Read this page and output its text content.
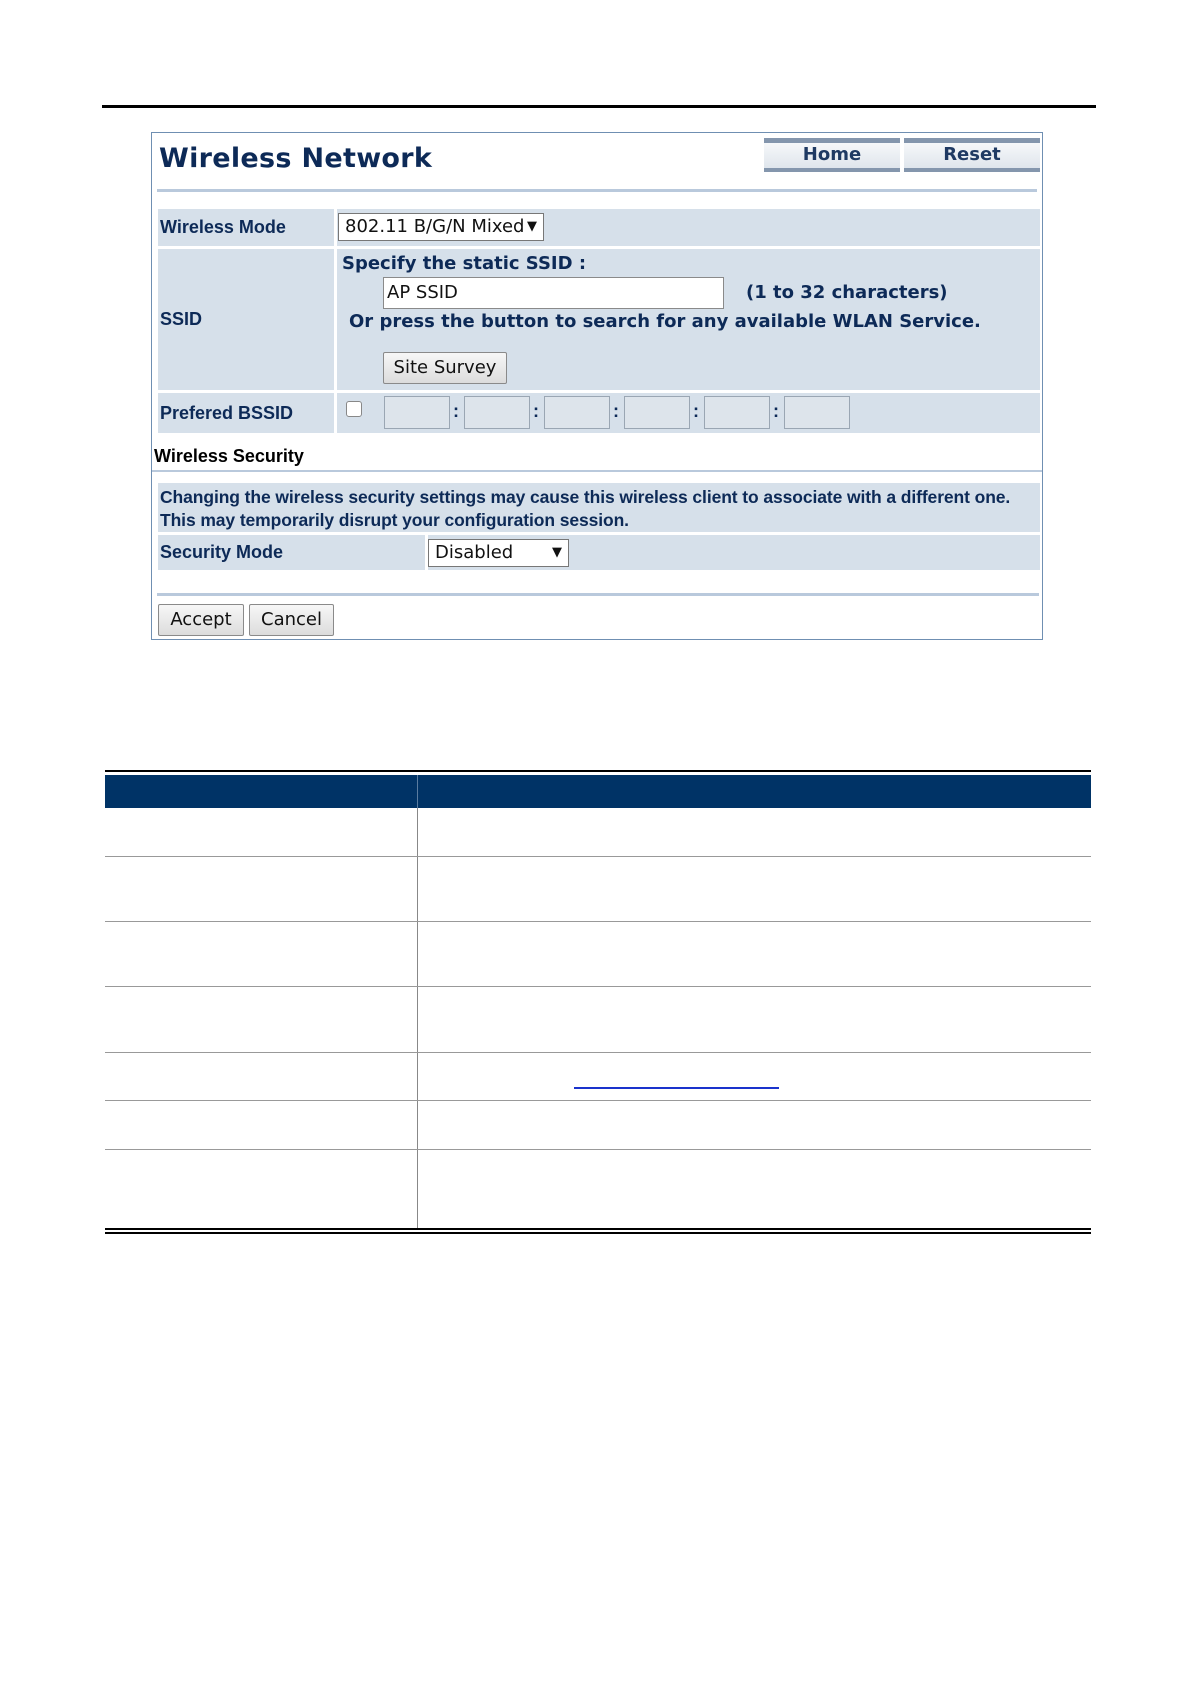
Wireless Network	Home	Reset
Wireless Mode	802.11 B/G/N Mixed ▼
SSID
Specify the static SSID :
AP SSID	(1 to 32 characters)
Or press the button to search for any available WLAN Service.
Site Survey
Prefered BSSID	:	:	:	:	:
Wireless Security
Changing the wireless security settings may cause this wireless client to associate with a different one. This may temporarily disrupt your configuration session.
Security Mode	Disabled	▼
Accept	Cancel
